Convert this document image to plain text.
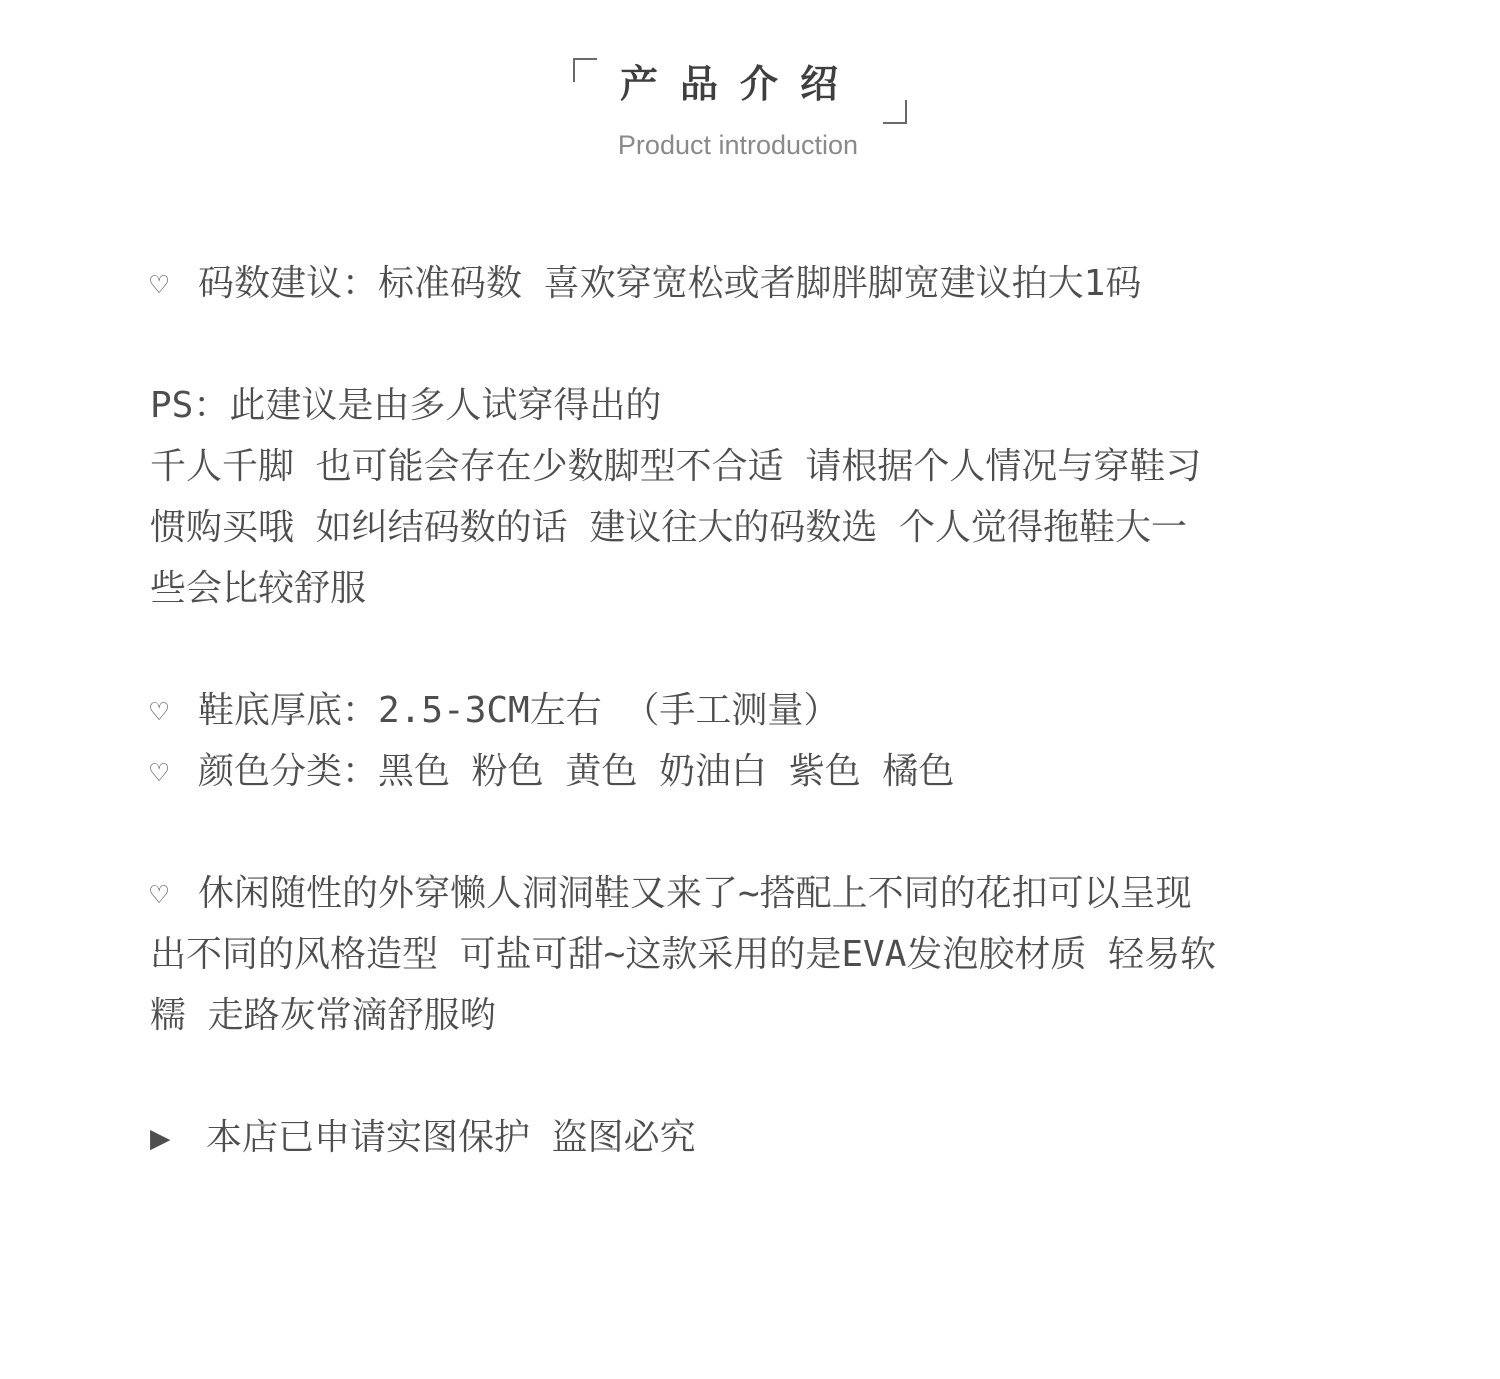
产品介绍
Product introduction
♡ 码数建议：标准码数 喜欢穿宽松或者脚胖脚宽建议拍大1码
PS：此建议是由多人试穿得出的
千人千脚 也可能会存在少数脚型不合适 请根据个人情况与穿鞋习
惯购买哦 如纠结码数的话 建议往大的码数选 个人觉得拖鞋大一
些会比较舒服
♡ 鞋底厚底：2.5-3CM左右 （手工测量）
♡ 颜色分类：黑色 粉色 黄色 奶油白 紫色 橘色
♡ 休闲随性的外穿懒人洞洞鞋又来了~搭配上不同的花扣可以呈现
出不同的风格造型 可盐可甜~这款采用的是EVA发泡胶材质 轻易软
糯 走路灰常滴舒服哟
▶ 本店已申请实图保护 盗图必究
